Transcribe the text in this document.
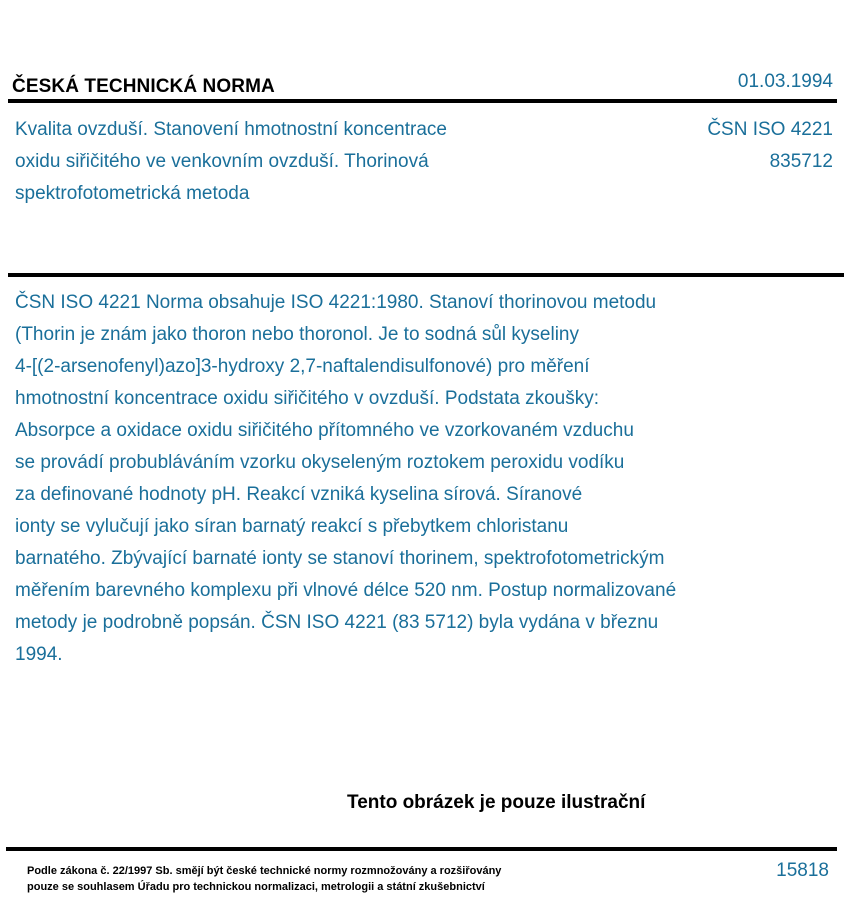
ČESKÁ TECHNICKÁ NORMA	01.03.1994
Kvalita ovzduší. Stanovení hmotnostní koncentrace
oxidu siřičitého ve venkovním ovzduší. Thorinová
spektrofotometrická metoda
ČSN ISO 4221
835712
ČSN ISO 4221 Norma obsahuje ISO 4221:1980. Stanoví thorinovou metodu
(Thorin je znám jako thoron nebo thoronol. Je to sodná sůl kyseliny
4-[(2-arsenofenyl)azo]3-hydroxy 2,7-naftalendisulfonové) pro měření
hmotnostní koncentrace oxidu siřičitého v ovzduší. Podstata zkoušky:
Absorpce a oxidace oxidu siřičitého přítomného ve vzorkovaném vzduchu
se provádí probubláváním vzorku okyseleným roztokem peroxidu vodíku
za definované hodnoty pH. Reakcí vzniká kyselina sírová. Síranové
ionty se vylučují jako síran barnatý reakcí s přebytkem chloristanu
barnatého. Zbývající barnaté ionty se stanoví thorinem, spektrofotometrickým
měřením barevného komplexu při vlnové délce 520 nm. Postup normalizované
metody je podrobně popsán. ČSN ISO 4221 (83 5712) byla vydána v březnu
1994.
Tento obrázek je pouze ilustrační
Podle zákona č. 22/1997 Sb. smějí být české technické normy rozmnožovány a rozšiřovány
pouze se souhlasem Úřadu pro technickou normalizaci, metrologii a státní zkušebnictví
15818
